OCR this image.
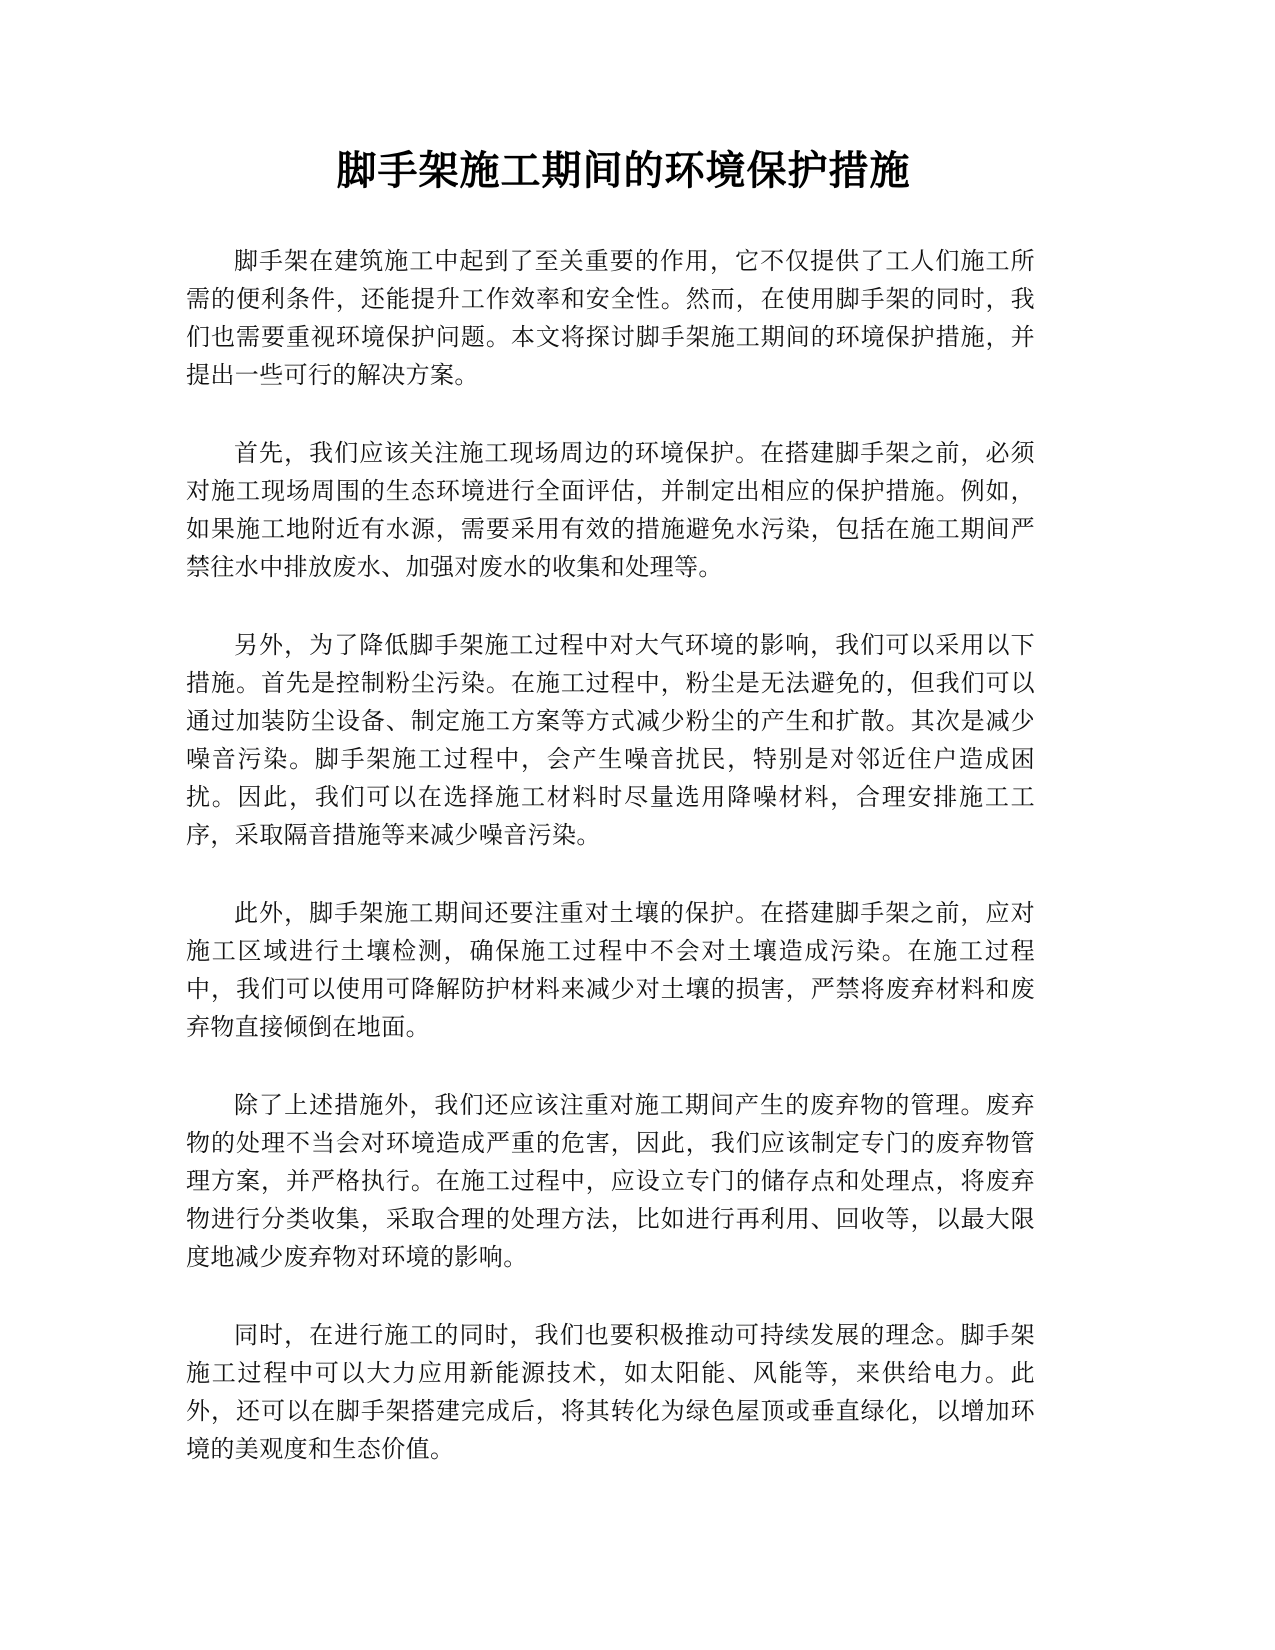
脚手架施工期间的环境保护措施

脚手架在建筑施工中起到了至关重要的作用，它不仅提供了工人们施工所需的便利条件，还能提升工作效率和安全性。然而，在使用脚手架的同时，我们也需要重视环境保护问题。本文将探讨脚手架施工期间的环境保护措施，并提出一些可行的解决方案。

首先，我们应该关注施工现场周边的环境保护。在搭建脚手架之前，必须对施工现场周围的生态环境进行全面评估，并制定出相应的保护措施。例如，如果施工地附近有水源，需要采用有效的措施避免水污染，包括在施工期间严禁往水中排放废水、加强对废水的收集和处理等。

另外，为了降低脚手架施工过程中对大气环境的影响，我们可以采用以下措施。首先是控制粉尘污染。在施工过程中，粉尘是无法避免的，但我们可以通过加装防尘设备、制定施工方案等方式减少粉尘的产生和扩散。其次是减少噪音污染。脚手架施工过程中，会产生噪音扰民，特别是对邻近住户造成困扰。因此，我们可以在选择施工材料时尽量选用降噪材料，合理安排施工工序，采取隔音措施等来减少噪音污染。

此外，脚手架施工期间还要注重对土壤的保护。在搭建脚手架之前，应对施工区域进行土壤检测，确保施工过程中不会对土壤造成污染。在施工过程中，我们可以使用可降解防护材料来减少对土壤的损害，严禁将废弃材料和废弃物直接倾倒在地面。

除了上述措施外，我们还应该注重对施工期间产生的废弃物的管理。废弃物的处理不当会对环境造成严重的危害，因此，我们应该制定专门的废弃物管理方案，并严格执行。在施工过程中，应设立专门的储存点和处理点，将废弃物进行分类收集，采取合理的处理方法，比如进行再利用、回收等，以最大限度地减少废弃物对环境的影响。

同时，在进行施工的同时，我们也要积极推动可持续发展的理念。脚手架施工过程中可以大力应用新能源技术，如太阳能、风能等，来供给电力。此外，还可以在脚手架搭建完成后，将其转化为绿色屋顶或垂直绿化，以增加环境的美观度和生态价值。
